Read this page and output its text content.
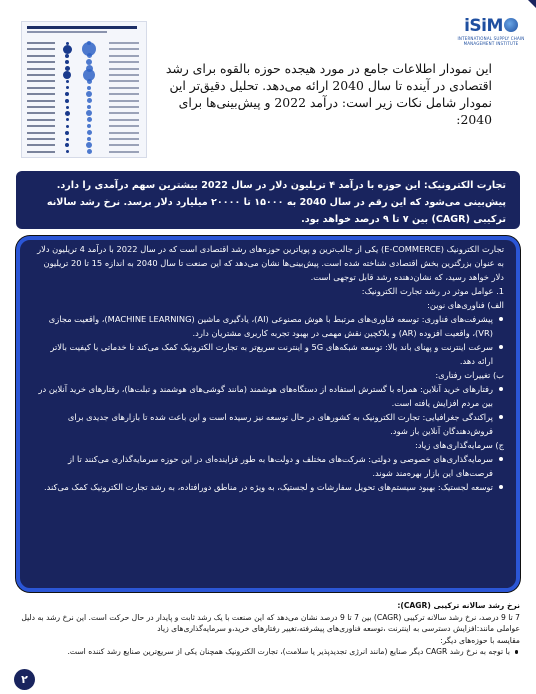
iSiM
INTERNATIONAL SUPPLY CHAIN
MANAGEMENT INSTITUTE
این نمودار اطلاعات جامع در مورد هیجده حوزه بالقوه برای رشد اقتصادی در آینده تا سال 2040 ارائه می‌دهد. تحلیل دقیق‌تر این نمودار شامل نکات زیر است: درآمد 2022 و پیش‌بینی‌ها برای 2040:
تجارت الکترونیک: این حوزه با درآمد ۴ تریلیون دلار در سال 2022 بیشترین سهم درآمدی را دارد. پیش‌بینی می‌شود که این رقم در سال 2040 به ۱۵۰۰۰ تا ۲۰۰۰۰ میلیارد دلار برسد. نرخ رشد سالانه ترکیبی (CAGR) بین ۷ تا ۹ درصد خواهد بود.

تجارت الکترونیک (E-COMMERCE) یکی از جالب‌ترین و پویاترین حوزه‌های رشد اقتصادی است که در سال 2022 با درآمد 4 تریلیون دلار به عنوان بزرگترین بخش اقتصادی شناخته شده است. پیش‌بینی‌ها نشان می‌دهد که این صنعت تا سال 2040 به اندازه 15 تا 20 تریلیون دلار خواهد رسید، که نشان‌دهنده رشد قابل توجهی است.

1. عوامل موثر در رشد تجارت الکترونیک:

الف) فناوری‌های نوین:

پیشرفت‌های فناوری: توسعه فناوری‌های مرتبط با هوش مصنوعی (AI)، یادگیری ماشین (MACHINE LEARNING)، واقعیت مجازی (VR)، واقعیت افزوده (AR) و بلاکچین نقش مهمی در بهبود تجربه کاربری مشتریان دارد.
سرعت اینترنت و پهنای باند بالا: توسعه شبکه‌های 5G و اینترنت سریع‌تر به تجارت الکترونیک کمک می‌کند تا خدماتی با کیفیت بالاتر ارائه دهد.

ب) تغییرات رفتاری:

رفتارهای خرید آنلاین: همراه با گسترش استفاده از دستگاه‌های هوشمند (مانند گوشی‌های هوشمند و تبلت‌ها)، رفتارهای خرید آنلاین در بین مردم افزایش یافته است.
پراکندگی جغرافیایی: تجارت الکترونیک به کشورهای در حال توسعه نیز رسیده است و این باعث شده تا بازارهای جدیدی برای فروش‌دهندگان آنلاین باز شود.

ج) سرمایه‌گذاری‌های زیاد:

سرمایه‌گذاری‌های خصوصی و دولتی: شرکت‌های مختلف و دولت‌ها به طور فزاینده‌ای در این حوزه سرمایه‌گذاری می‌کنند تا از فرصت‌های این بازار بهره‌مند شوند.
توسعه لجستیک: بهبود سیستم‌های تحویل سفارشات و لجستیک، به ویژه در مناطق دورافتاده، به رشد تجارت الکترونیک کمک می‌کند.
نرخ رشد سالانه ترکیبی (CAGR):
7 تا 9 درصد، نرخ رشد سالانه ترکیبی (CAGR) بین 7 تا 9 درصد نشان می‌دهد که این صنعت با یک رشد ثابت و پایدار در حال حرکت است. این نرخ رشد به دلیل عواملی مانند:افزایش دسترسی به اینترنت ،توسعه فناوری‌های پیشرفته،تغییر رفتارهای خرید،و سرمایه‌گذاری‌های زیاد
مقایسه با حوزه‌های دیگر:
با توجه به نرخ رشد CAGR دیگر صنایع (مانند انرژی تجدیدپذیر یا سلامت)، تجارت الکترونیک همچنان یکی از سریع‌ترین صنایع رشد کننده است.
۲
